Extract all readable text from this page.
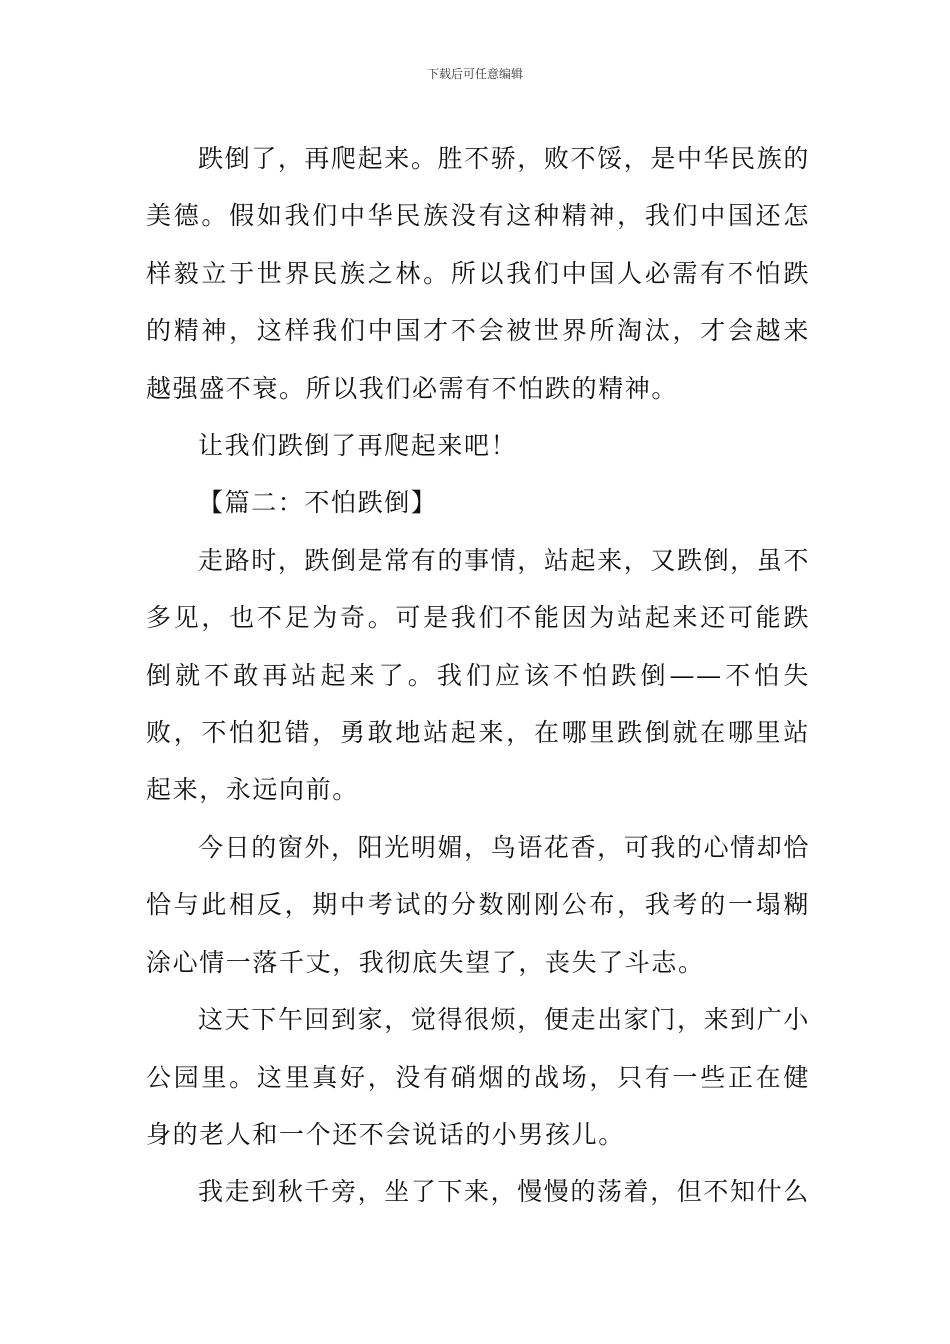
下载后可任意编辑

跌倒了，再爬起来。胜不骄，败不馁，是中华民族的美德。假如我们中华民族没有这种精神，我们中国还怎样毅立于世界民族之林。所以我们中国人必需有不怕跌的精神，这样我们中国才不会被世界所淘汰，才会越来越强盛不衰。所以我们必需有不怕跌的精神。

让我们跌倒了再爬起来吧！

【篇二：不怕跌倒】

走路时，跌倒是常有的事情，站起来，又跌倒，虽不多见，也不足为奇。可是我们不能因为站起来还可能跌倒就不敢再站起来了。我们应该不怕跌倒——不怕失败，不怕犯错，勇敢地站起来，在哪里跌倒就在哪里站起来，永远向前。

今日的窗外，阳光明媚，鸟语花香，可我的心情却恰恰与此相反，期中考试的分数刚刚公布，我考的一塌糊涂心情一落千丈，我彻底失望了，丧失了斗志。

这天下午回到家，觉得很烦，便走出家门，来到广小公园里。这里真好，没有硝烟的战场，只有一些正在健身的老人和一个还不会说话的小男孩儿。

我走到秋千旁，坐了下来，慢慢的荡着，但不知什么
